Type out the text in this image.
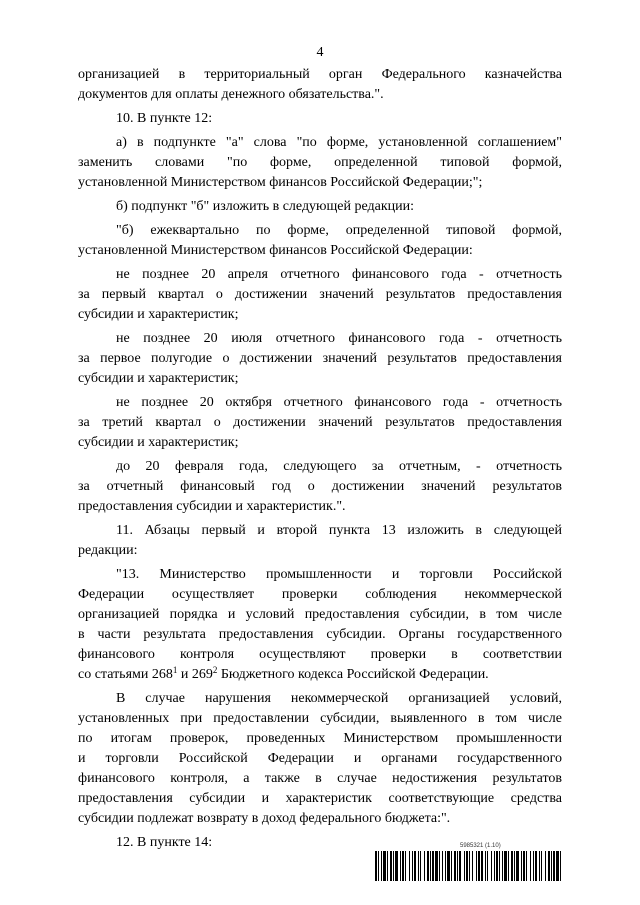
4
организацией в территориальный орган Федерального казначейства
документов для оплаты денежного обязательства.".
10. В пункте 12:
а) в подпункте "а" слова "по форме, установленной соглашением"
заменить словами "по форме, определенной типовой формой,
установленной Министерством финансов Российской Федерации;";
б) подпункт "б" изложить в следующей редакции:
"б) ежеквартально по форме, определенной типовой формой,
установленной Министерством финансов Российской Федерации:
не позднее 20 апреля отчетного финансового года - отчетность
за первый квартал о достижении значений результатов предоставления
субсидии и характеристик;
не позднее 20 июля отчетного финансового года - отчетность
за первое полугодие о достижении значений результатов предоставления
субсидии и характеристик;
не позднее 20 октября отчетного финансового года - отчетность
за третий квартал о достижении значений результатов предоставления
субсидии и характеристик;
до 20 февраля года, следующего за отчетным, - отчетность
за отчетный финансовый год о достижении значений результатов
предоставления субсидии и характеристик.".
11. Абзацы первый и второй пункта 13 изложить в следующей
редакции:
"13. Министерство промышленности и торговли Российской
Федерации осуществляет проверки соблюдения некоммерческой
организацией порядка и условий предоставления субсидии, в том числе
в части результата предоставления субсидии. Органы государственного
финансового контроля осуществляют проверки в соответствии
со статьями $268^1$ и $269^2$ Бюджетного кодекса Российской Федерации.
В случае нарушения некоммерческой организацией условий,
установленных при предоставлении субсидии, выявленного в том числе
по итогам проверок, проведенных Министерством промышленности
и торговли Российской Федерации и органами государственного
финансового контроля, а также в случае недостижения результатов
предоставления субсидии и характеристик соответствующие средства
субсидии подлежат возврату в доход федерального бюджета:".
12. В пункте 14:	5985321 (1.10)
